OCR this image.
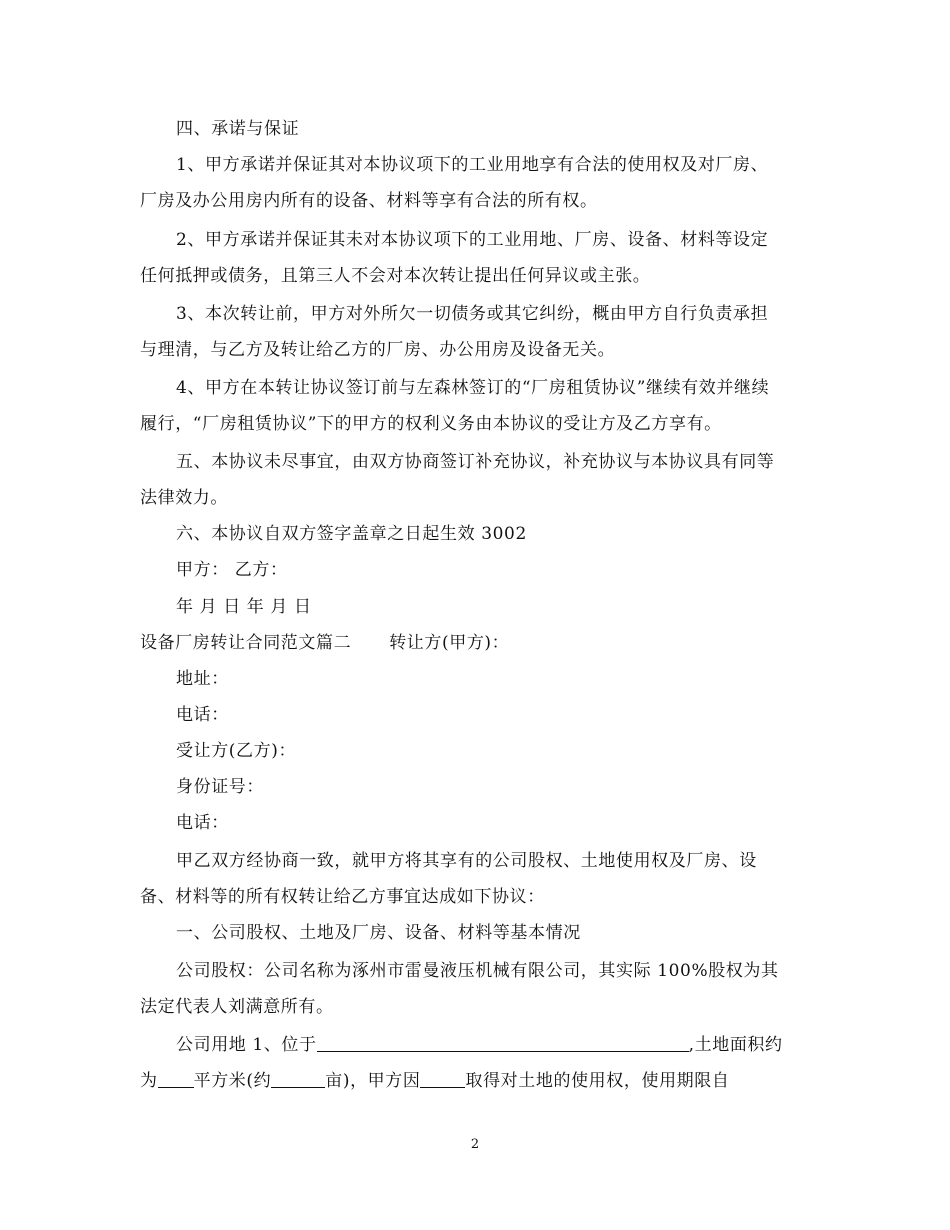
四、承诺与保证
1、甲方承诺并保证其对本协议项下的工业用地享有合法的使用权及对厂房、
厂房及办公用房内所有的设备、材料等享有合法的所有权。
2、甲方承诺并保证其未对本协议项下的工业用地、厂房、设备、材料等设定
任何抵押或债务，且第三人不会对本次转让提出任何异议或主张。
3、本次转让前，甲方对外所欠一切债务或其它纠纷，概由甲方自行负责承担
与理清，与乙方及转让给乙方的厂房、办公用房及设备无关。
4、甲方在本转让协议签订前与左森林签订的“厂房租赁协议”继续有效并继续
履行，“厂房租赁协议”下的甲方的权利义务由本协议的受让方及乙方享有。
五、本协议未尽事宜，由双方协商签订补充协议，补充协议与本协议具有同等
法律效力。
六、本协议自双方签字盖章之日起生效 3002
甲方： 乙方：
年 月 日 年 月 日
设备厂房转让合同范文篇二 转让方(甲方)：
地址：
电话：
受让方(乙方)：
身份证号：
电话：
甲乙双方经协商一致，就甲方将其享有的公司股权、土地使用权及厂房、设
备、材料等的所有权转让给乙方事宜达成如下协议：
一、公司股权、土地及厂房、设备、材料等基本情况
公司股权：公司名称为涿州市雷曼液压机械有限公司，其实际 100%股权为其
法定代表人刘满意所有。
公司用地 1、位于	,土地面积约
为 平方米(约	亩)，甲方因	取得对土地的使用权，使用期限自
2
